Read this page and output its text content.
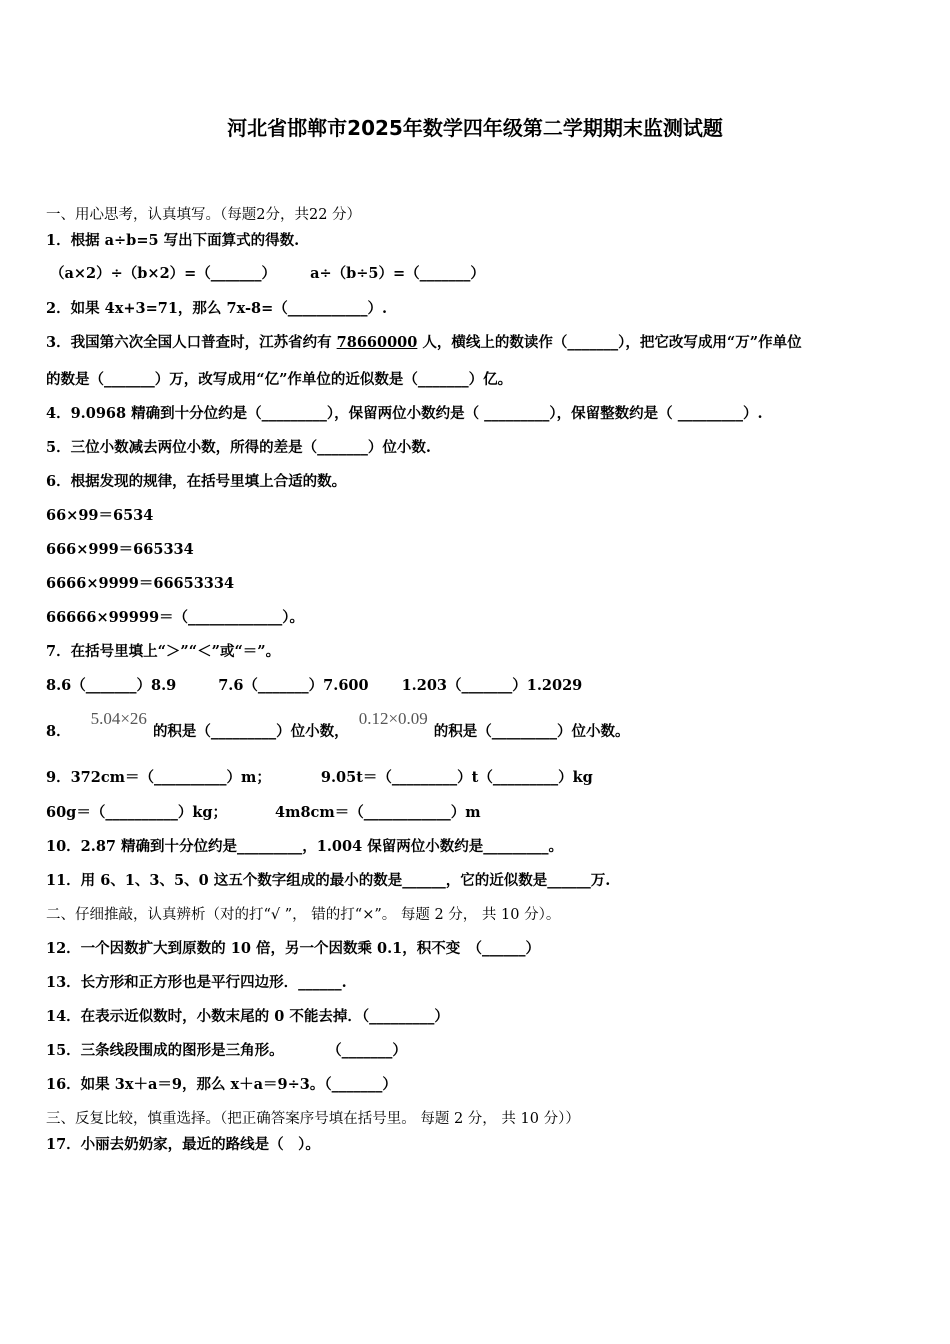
河北省邯郸市2025年数学四年级第二学期期末监测试题
一、用心思考，认真填写。（每题2分，共22 分）
1．根据 a÷b=5 写出下面算式的得数.
（a×2）÷（b×2）=（_______） a÷（b÷5）=（_______）
2．如果 4x+3=71，那么 7x-8=（___________）.
3．我国第六次全国人口普查时，江苏省约有 78660000 人，横线上的数读作（_______），把它改写成用“万”作单位
的数是（_______）万，改写成用“亿”作单位的近似数是（_______）亿。
4．9.0968 精确到十分位约是（_________），保留两位小数约是（ _________），保留整数约是（ _________）.
5．三位小数减去两位小数，所得的差是（_______）位小数.
6．根据发现的规律，在括号里填上合适的数。
66×99＝6534
666×999＝665334
6666×9999＝66653334
66666×99999＝（_____________）。
7．在括号里填上“＞”“＜”或“＝”。
8.6（_______）8.9	7.6（_______）7.600 1.203（_______）1.2029
8．5.04×26的积是（_________）位小数，0.12×0.09的积是（_________）位小数。
9．372cm＝（__________）m；	9.05t＝（_________）t（_________）kg
60g＝（__________）kg；	4m8cm＝（____________）m
10．2.87 精确到十分位约是_________，1.004 保留两位小数约是_________。
11．用 6、1、3、5、0 这五个数字组成的最小的数是______，它的近似数是______万.
二、仔细推敲，认真辨析（对的打“√ ”， 错的打“×”。 每题 2 分， 共 10 分）。
12．一个因数扩大到原数的 10 倍，另一个因数乘 0.1，积不变　（______）
13．长方形和正方形也是平行四边形．______.
14．在表示近似数时，小数末尾的 0 不能去掉．（_________）
15．三条线段围成的图形是三角形。　　　　（_______）
16．如果 3x＋a＝9，那么 x＋a＝9÷3。（_______）
三、反复比较，慎重选择。（把正确答案序号填在括号里。 每题 2 分， 共 10 分））
17．小丽去奶奶家，最近的路线是（　）。
